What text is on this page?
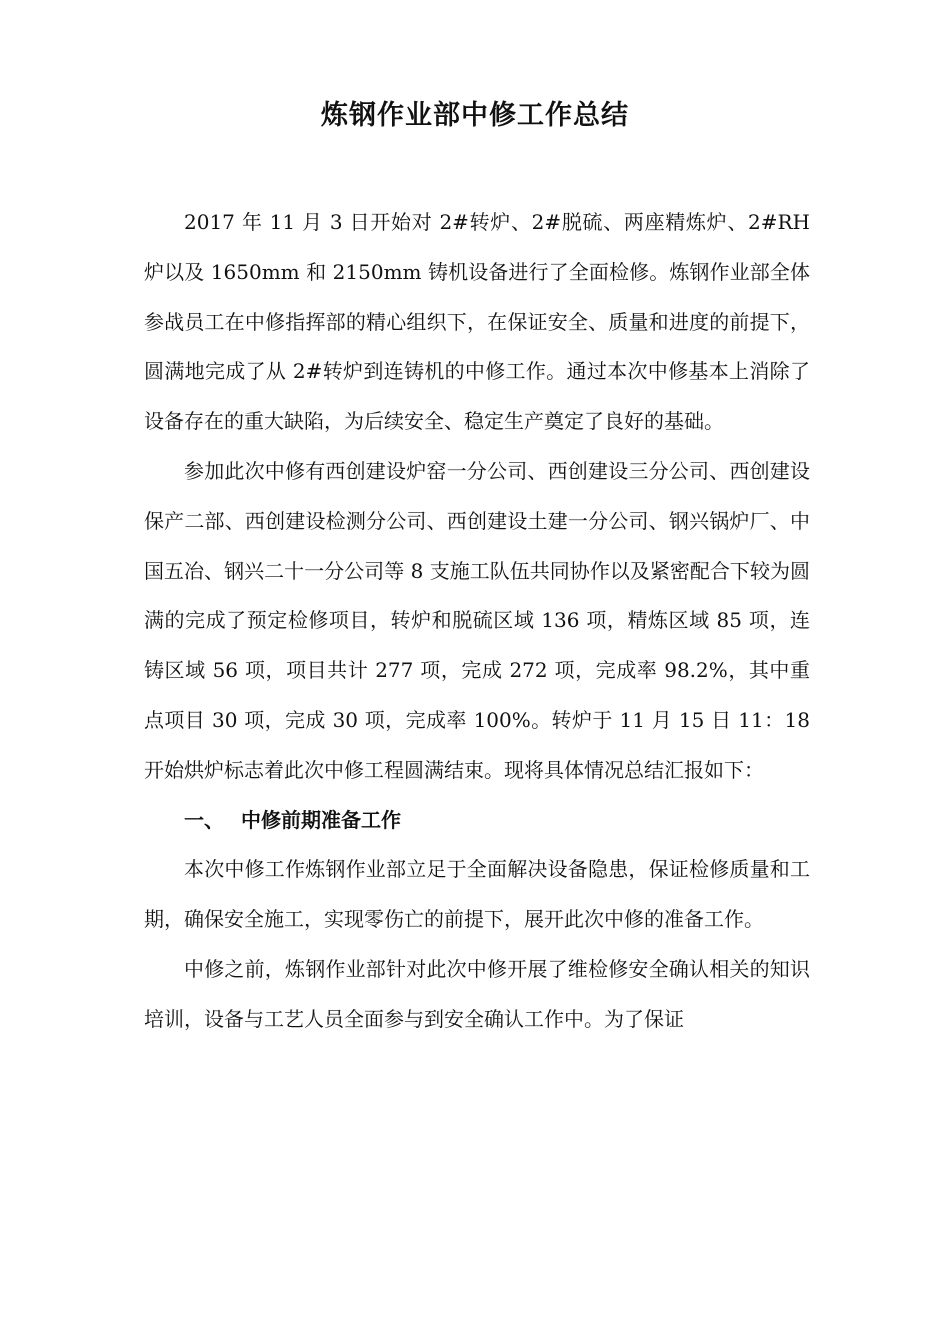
炼钢作业部中修工作总结

2017 年 11 月 3 日开始对 2#转炉、2#脱硫、两座精炼炉、2#RH 炉以及 1650mm 和 2150mm 铸机设备进行了全面检修。炼钢作业部全体参战员工在中修指挥部的精心组织下，在保证安全、质量和进度的前提下，圆满地完成了从 2#转炉到连铸机的中修工作。通过本次中修基本上消除了设备存在的重大缺陷，为后续安全、稳定生产奠定了良好的基础。

参加此次中修有西创建设炉窑一分公司、西创建设三分公司、西创建设保产二部、西创建设检测分公司、西创建设土建一分公司、钢兴锅炉厂、中国五冶、钢兴二十一分公司等 8 支施工队伍共同协作以及紧密配合下较为圆满的完成了预定检修项目，转炉和脱硫区域 136 项，精炼区域 85 项，连铸区域 56 项，项目共计 277 项，完成 272 项，完成率 98.2%，其中重点项目 30 项，完成 30 项，完成率 100%。转炉于 11 月 15 日 11：18 开始烘炉标志着此次中修工程圆满结束。现将具体情况总结汇报如下：

一、 中修前期准备工作

本次中修工作炼钢作业部立足于全面解决设备隐患，保证检修质量和工期，确保安全施工，实现零伤亡的前提下，展开此次中修的准备工作。

中修之前，炼钢作业部针对此次中修开展了维检修安全确认相关的知识培训，设备与工艺人员全面参与到安全确认工作中。为了保证
